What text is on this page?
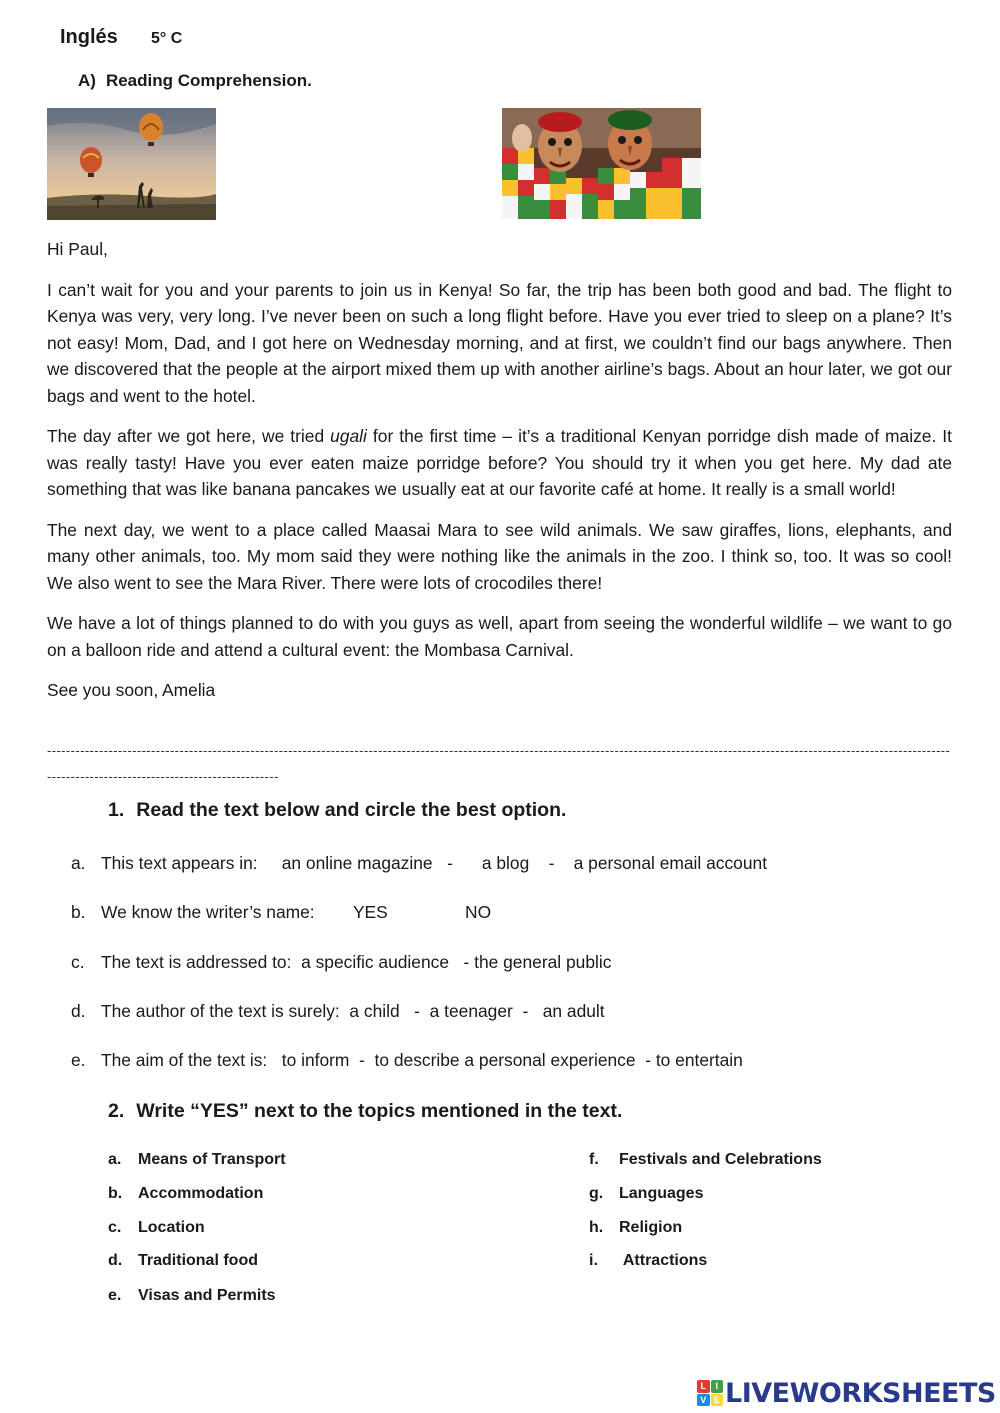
Inglés 5° C
A) Reading Comprehension.

Hi Paul,

I can’t wait for you and your parents to join us in Kenya! So far, the trip has been both good and bad. The flight to Kenya was very, very long. I’ve never been on such a long flight before. Have you ever tried to sleep on a plane? It’s not easy! Mom, Dad, and I got here on Wednesday morning, and at first, we couldn’t find our bags anywhere. Then we discovered that the people at the airport mixed them up with another airline’s bags. About an hour later, we got our bags and went to the hotel.

The day after we got here, we tried ugali for the first time – it’s a traditional Kenyan porridge dish made of maize. It was really tasty! Have you ever eaten maize porridge before? You should try it when you get here. My dad ate something that was like banana pancakes we usually eat at our favorite café at home. It really is a small world!

The next day, we went to a place called Maasai Mara to see wild animals. We saw giraffes, lions, elephants, and many other animals, too. My mom said they were nothing like the animals in the zoo. I think so, too. It was so cool! We also went to see the Mara River. There were lots of crocodiles there!

We have a lot of things planned to do with you guys as well, apart from seeing the wonderful wildlife – we want to go on a balloon ride and attend a cultural event: the Mombasa Carnival.

See you soon, Amelia

------------------------------------------------------------------------------------------------------------------------------------------------------------------------------------------------------------------------------------------------
1. Read the text below and circle the best option.
a. This text appears in:     an online magazine   -      a blog    -    a personal email account
b. We know the writer’s name:        YES                NO
c. The text is addressed to:  a specific audience   - the general public
d. The author of the text is surely:  a child   -  a teenager  -   an adult
e. The aim of the text is:   to inform  -  to describe a personal experience  - to entertain
2. Write “YES” next to the topics mentioned in the text.
a. Means of Transport
b. Accommodation
c. Location
d. Traditional food
e. Visas and Permits
f. Festivals and Celebrations
g. Languages
h. Religion
i. Attractions
L	I
V E LIVEWORKSHEETS
